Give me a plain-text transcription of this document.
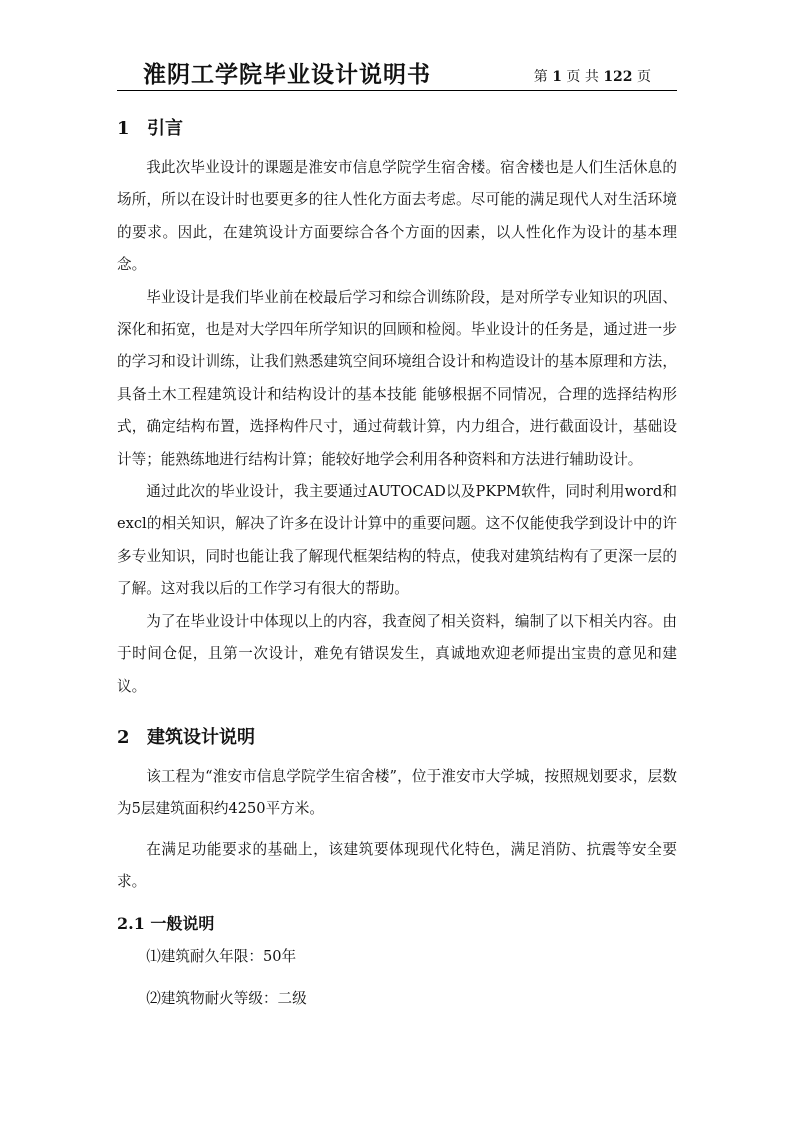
淮阴工学院毕业设计说明书	第 1 页 共 122 页
1 引言

我此次毕业设计的课题是淮安市信息学院学生宿舍楼。宿舍楼也是人们生活休息的场所，所以在设计时也要更多的往人性化方面去考虑。尽可能的满足现代人对生活环境的要求。因此，在建筑设计方面要综合各个方面的因素，以人性化作为设计的基本理念。

毕业设计是我们毕业前在校最后学习和综合训练阶段，是对所学专业知识的巩固、深化和拓宽，也是对大学四年所学知识的回顾和检阅。毕业设计的任务是，通过进一步的学习和设计训练，让我们熟悉建筑空间环境组合设计和构造设计的基本原理和方法，具备土木工程建筑设计和结构设计的基本技能 能够根据不同情况，合理的选择结构形式，确定结构布置，选择构件尺寸，通过荷载计算，内力组合，进行截面设计，基础设计等；能熟练地进行结构计算；能较好地学会利用各种资料和方法进行辅助设计。

通过此次的毕业设计，我主要通过AUTOCAD以及PKPM软件，同时利用word和excl的相关知识，解决了许多在设计计算中的重要问题。这不仅能使我学到设计中的许多专业知识，同时也能让我了解现代框架结构的特点，使我对建筑结构有了更深一层的了解。这对我以后的工作学习有很大的帮助。

为了在毕业设计中体现以上的内容，我查阅了相关资料，编制了以下相关内容。由于时间仓促，且第一次设计，难免有错误发生，真诚地欢迎老师提出宝贵的意见和建议。

2 建筑设计说明

该工程为“淮安市信息学院学生宿舍楼”，位于淮安市大学城，按照规划要求，层数为5层建筑面积约4250平方米。

在满足功能要求的基础上，该建筑要体现现代化特色，满足消防、抗震等安全要求。

2.1 一般说明

⑴建筑耐久年限：50年

⑵建筑物耐火等级：二级
